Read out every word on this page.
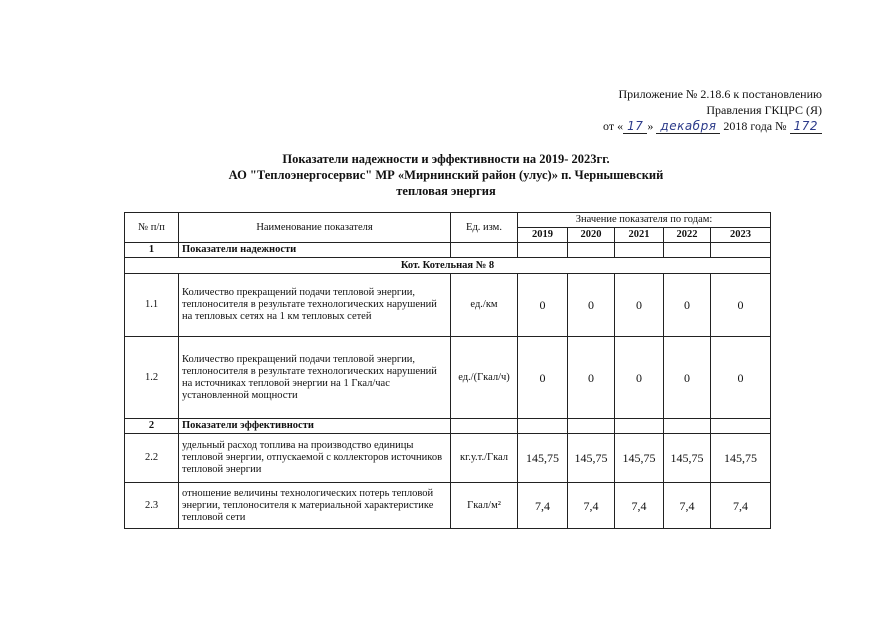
Приложение № 2.18.6 к постановлению
Правления ГКЦРС (Я)
от « 17 » декабря 2018 года № 172
Показатели надежности и эффективности на 2019- 2023гг.
АО "Теплоэнергосервис" МР «Мирнинский район (улус)» п. Чернышевский
тепловая энергия
№ п/п	Наименование показателя	Ед. изм.	Значение показателя по годам:				
			2019	2020	2021	2022	2023
1	Показатели надежности						
Кот. Котельная № 8							
1.1	Количество прекращений подачи тепловой энергии, теплоносителя в результате технологических нарушений на тепловых сетях на 1 км тепловых сетей	ед./км	0	0	0	0	0
1.2	Количество прекращений подачи тепловой энергии, теплоносителя в результате технологических нарушений на источниках тепловой энергии на 1 Гкал/час установленной мощности	ед./(Гкал/ч)	0	0	0	0	0
2	Показатели эффективности						
2.2	удельный расход топлива на производство единицы тепловой энергии, отпускаемой с коллекторов источников тепловой энергии	кг.у.т./Гкал	145,75	145,75	145,75	145,75	145,75
2.3	отношение величины технологических потерь тепловой энергии, теплоносителя к материальной характеристике тепловой сети	Гкал/м²	7,4	7,4	7,4	7,4	7,4
